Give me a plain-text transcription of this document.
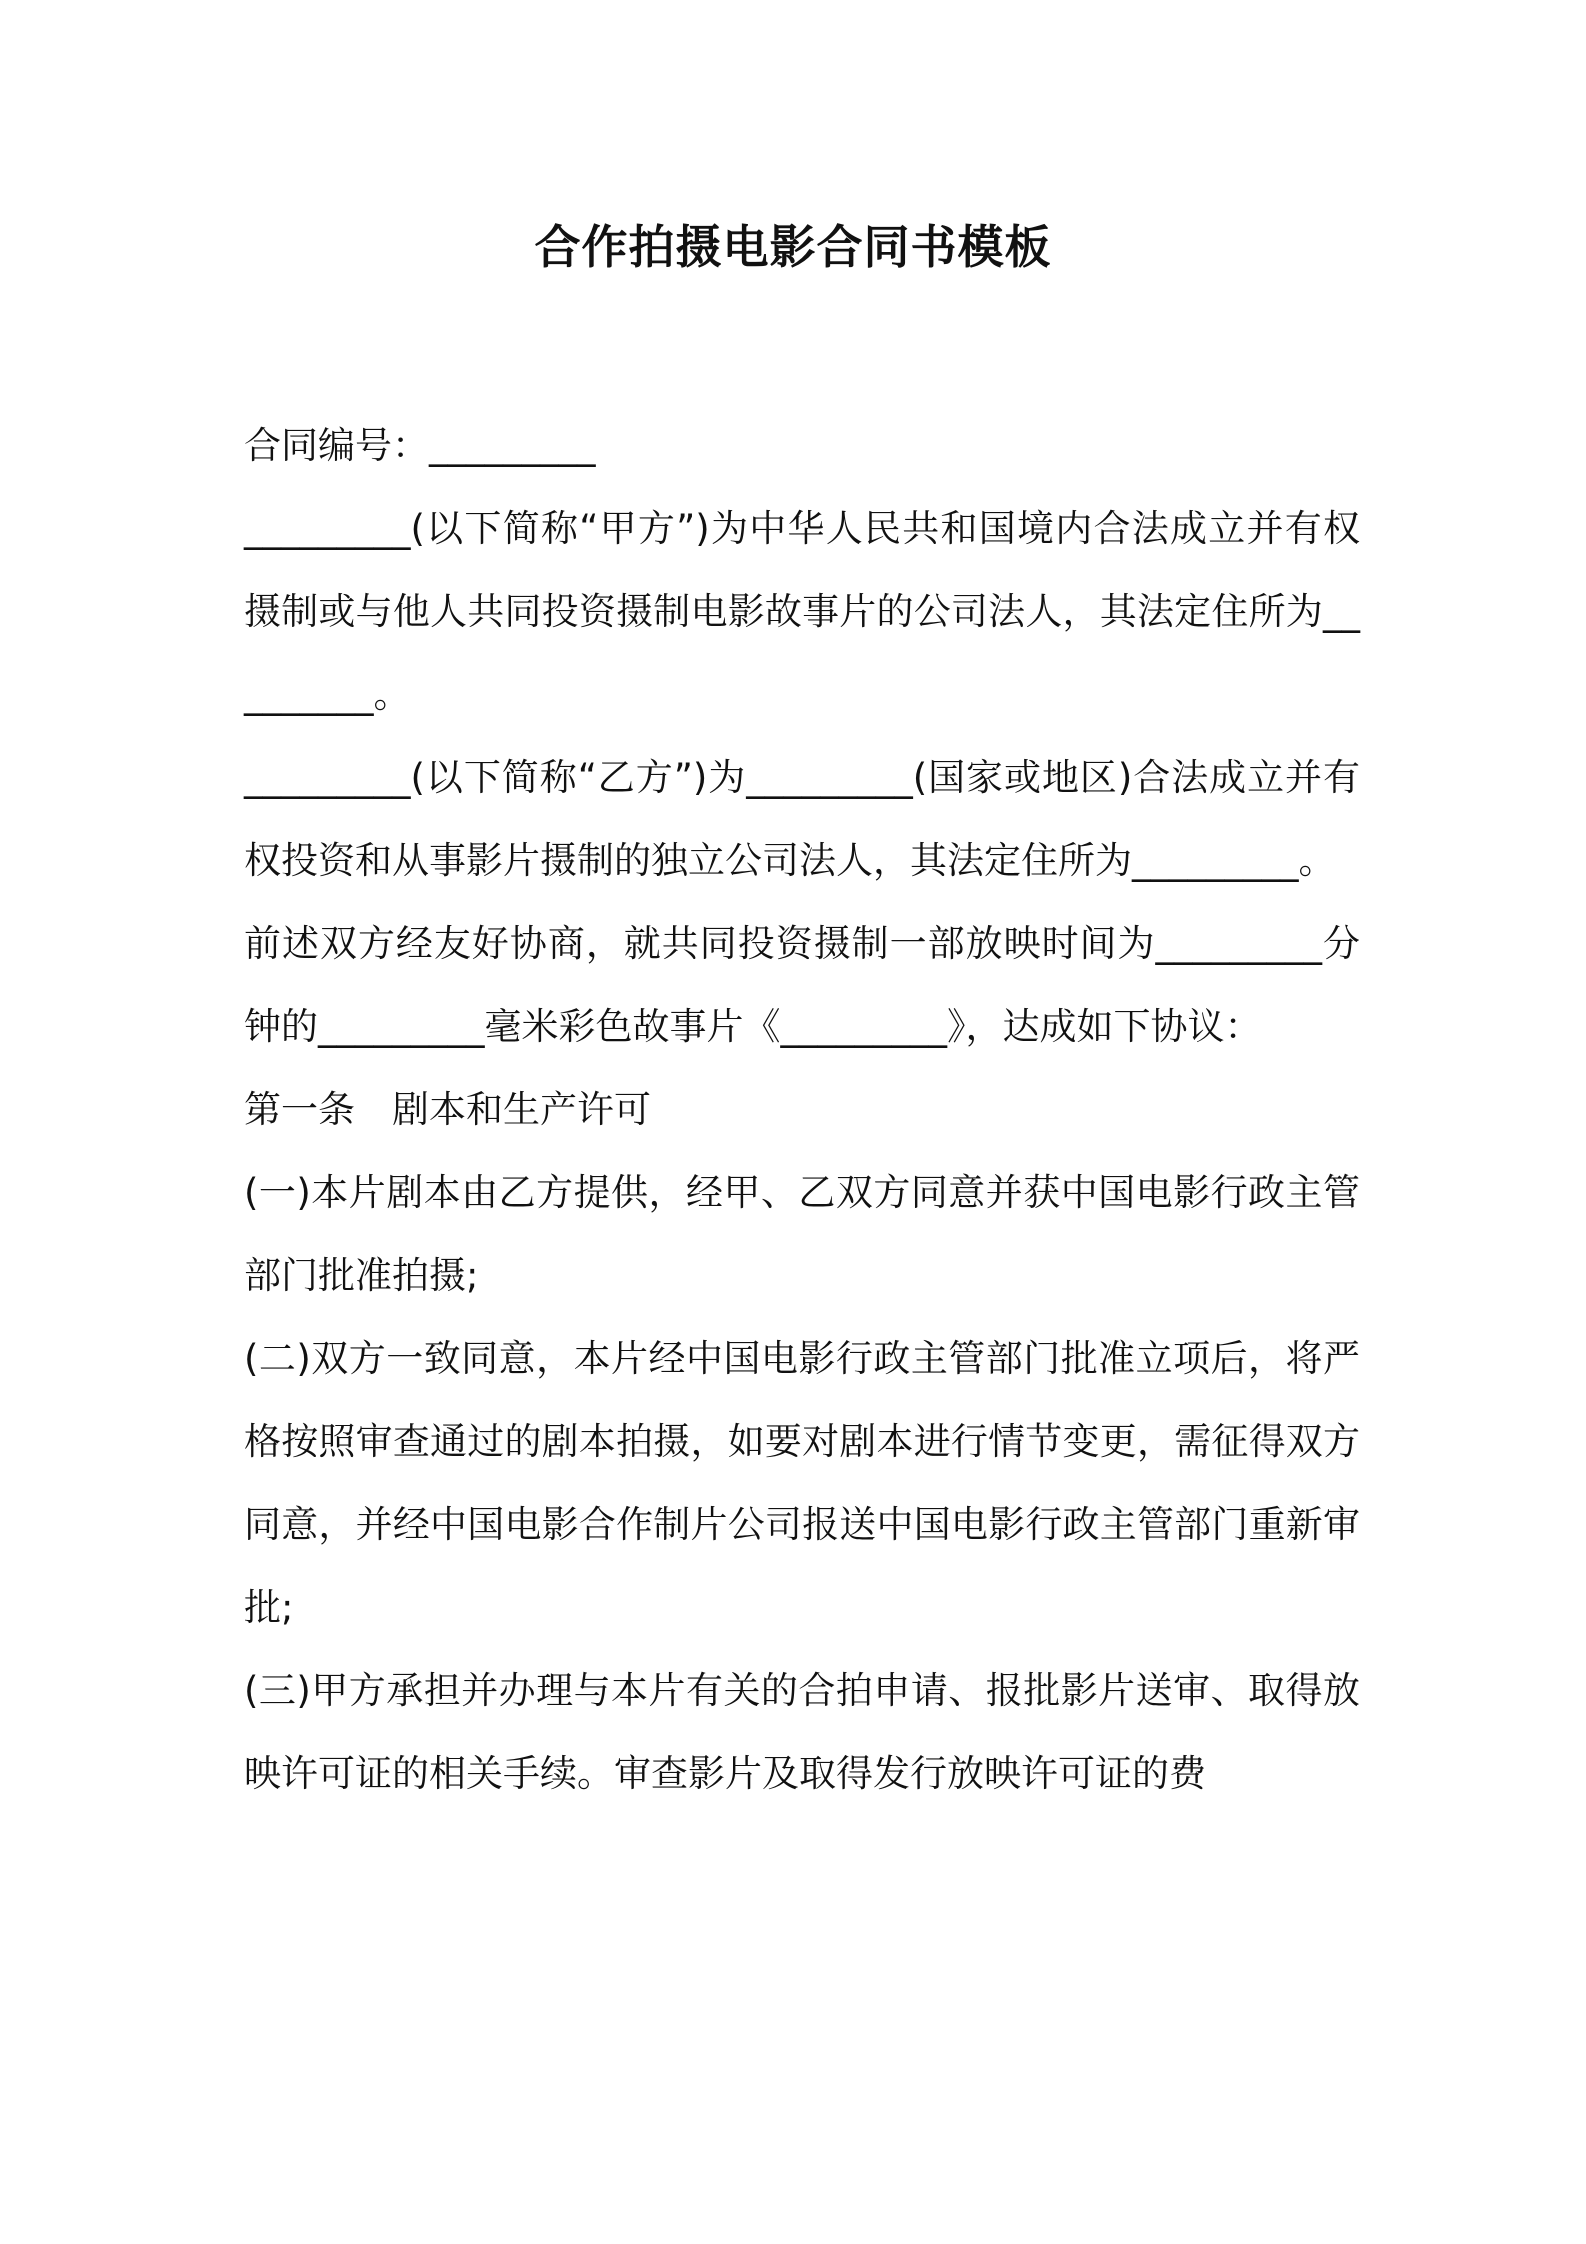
合作拍摄电影合同书模板

合同编号：_________

_________(以下简称“甲方”)为中华人民共和国境内合法成立并有权摄制或与他人共同投资摄制电影故事片的公司法人，其法定住所为_________。

_________(以下简称“乙方”)为_________(国家或地区)合法成立并有权投资和从事影片摄制的独立公司法人，其法定住所为_________。

前述双方经友好协商，就共同投资摄制一部放映时间为_________分钟的_________毫米彩色故事片《_________》，达成如下协议：

第一条　剧本和生产许可

(一)本片剧本由乙方提供，经甲、乙双方同意并获中国电影行政主管部门批准拍摄;

(二)双方一致同意，本片经中国电影行政主管部门批准立项后，将严格按照审查通过的剧本拍摄，如要对剧本进行情节变更，需征得双方同意，并经中国电影合作制片公司报送中国电影行政主管部门重新审批;

(三)甲方承担并办理与本片有关的合拍申请、报批影片送审、取得放映许可证的相关手续。审查影片及取得发行放映许可证的费
